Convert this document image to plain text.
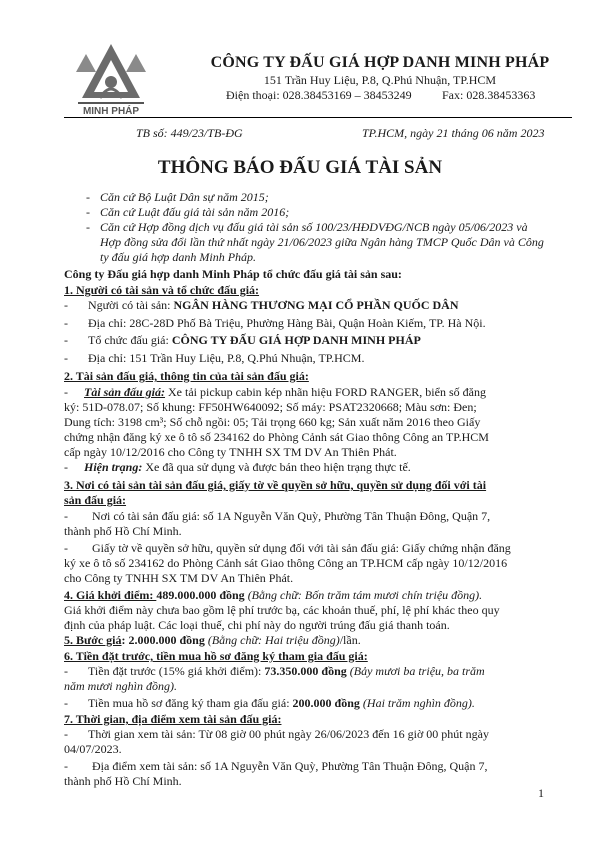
MINH PHÁP
CÔNG TY ĐẤU GIÁ HỢP DANH MINH PHÁP
151 Trần Huy Liệu, P.8, Q.Phú Nhuận, TP.HCM
Điện thoại: 028.38453169 – 38453249	Fax: 028.38453363
TB số: 449/23/TB-ĐG	TP.HCM, ngày 21 tháng 06 năm 2023
THÔNG BÁO ĐẤU GIÁ TÀI SẢN
- Căn cứ Bộ Luật Dân sự năm 2015;
- Căn cứ Luật đấu giá tài sản năm 2016;
- Căn cứ Hợp đồng dịch vụ đấu giá tài sản số 100/23/HĐDVĐG/NCB ngày 05/06/2023 và
Hợp đồng sửa đổi lần thứ nhất ngày 21/06/2023 giữa Ngân hàng TMCP Quốc Dân và Công
ty đấu giá hợp danh Minh Pháp.
Công ty Đấu giá hợp danh Minh Pháp tổ chức đấu giá tài sản sau:
1. Người có tài sản và tổ chức đấu giá:
- Người có tài sản: NGÂN HÀNG THƯƠNG MẠI CỔ PHẦN QUỐC DÂN
- Địa chỉ: 28C-28D Phố Bà Triệu, Phường Hàng Bài, Quận Hoàn Kiếm, TP. Hà Nội.
- Tổ chức đấu giá: CÔNG TY ĐẤU GIÁ HỢP DANH MINH PHÁP
- Địa chỉ: 151 Trần Huy Liệu, P.8, Q.Phú Nhuận, TP.HCM.
2. Tài sản đấu giá, thông tin của tài sản đấu giá:
- Tài sản đấu giá: Xe tải pickup cabin kép nhãn hiệu FORD RANGER, biển số đăng
ký: 51D-078.07; Số khung: FF50HW640092; Số máy: PSAT2320668; Màu sơn: Đen;
Dung tích: 3198 cm³; Số chỗ ngồi: 05; Tải trọng 660 kg; Sản xuất năm 2016 theo Giấy
chứng nhận đăng ký xe ô tô số 234162 do Phòng Cảnh sát Giao thông Công an TP.HCM
cấp ngày 10/12/2016 cho Công ty TNHH SX TM DV An Thiên Phát.
- Hiện trạng: Xe đã qua sử dụng và được bán theo hiện trạng thực tế.
3. Nơi có tài sản tài sản đấu giá, giấy tờ về quyền sở hữu, quyền sử dụng đối với tài
sản đấu giá:
- Nơi có tài sản đấu giá: số 1A Nguyễn Văn Quỳ, Phường Tân Thuận Đông, Quận 7,
thành phố Hồ Chí Minh.
- Giấy tờ về quyền sở hữu, quyền sử dụng đối với tài sản đấu giá: Giấy chứng nhận đăng
ký xe ô tô số 234162 do Phòng Cảnh sát Giao thông Công an TP.HCM cấp ngày 10/12/2016
cho Công ty TNHH SX TM DV An Thiên Phát.
4. Giá khởi điểm: 489.000.000 đồng (Bằng chữ: Bốn trăm tám mươi chín triệu đồng).
Giá khởi điểm này chưa bao gồm lệ phí trước bạ, các khoản thuế, phí, lệ phí khác theo quy
định của pháp luật. Các loại thuế, chi phí này do người trúng đấu giá thanh toán.
5. Bước giá: 2.000.000 đồng (Bằng chữ: Hai triệu đồng)/lần.
6. Tiền đặt trước, tiền mua hồ sơ đăng ký tham gia đấu giá:
- Tiền đặt trước (15% giá khởi điểm): 73.350.000 đồng (Bảy mươi ba triệu, ba trăm
năm mươi nghìn đồng).
- Tiền mua hồ sơ đăng ký tham gia đấu giá: 200.000 đồng (Hai trăm nghìn đồng).
7. Thời gian, địa điểm xem tài sản đấu giá:
- Thời gian xem tài sản: Từ 08 giờ 00 phút ngày 26/06/2023 đến 16 giờ 00 phút ngày
04/07/2023.
- Địa điểm xem tài sản: số 1A Nguyễn Văn Quỳ, Phường Tân Thuận Đông, Quận 7,
thành phố Hồ Chí Minh.
1
